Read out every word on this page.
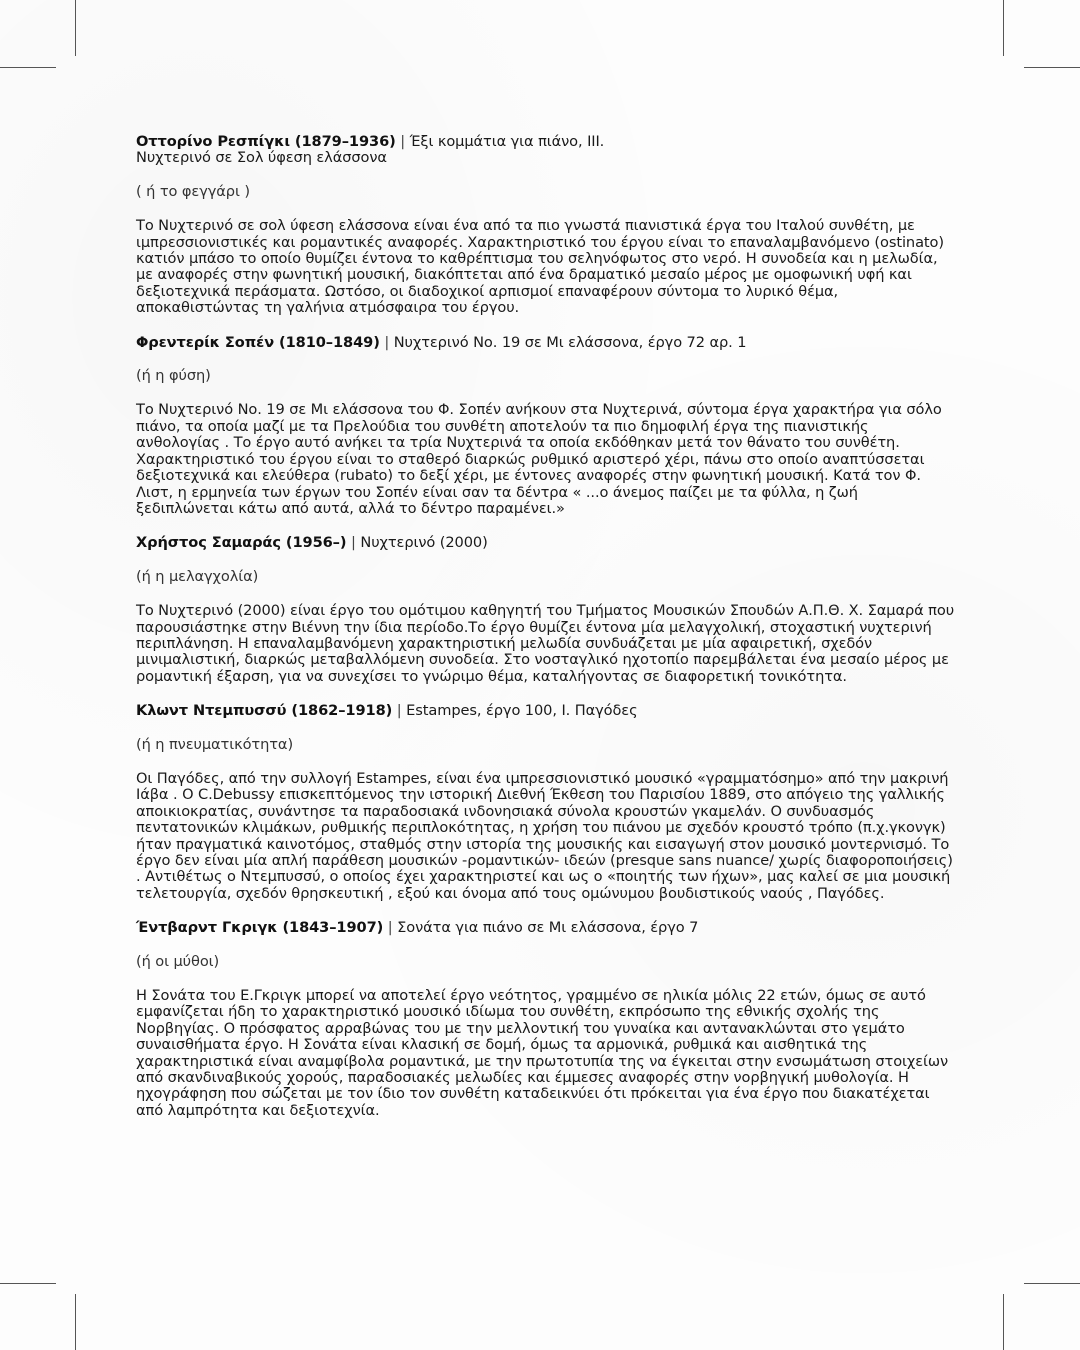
Οττορίνο Ρεσπίγκι (1879–1936) | Έξι κομμάτια για πιάνο, ΙΙΙ.
Νυχτερινό σε Σολ ύφεση ελάσσονα

( ή το φεγγάρι )

Το Νυχτερινό σε σολ ύφεση ελάσσονα είναι ένα από τα πιο γνωστά πιανιστικά έργα του Ιταλού συνθέτη, με ιμπρεσσιονιστικές και ρομαντικές αναφορές. Χαρακτηριστικό του έργου είναι το επαναλαμβανόμενο (ostinato) κατιόν μπάσο το οποίο θυμίζει έντονα το καθρέπτισμα του σεληνόφωτος στο νερό. Η συνοδεία και η μελωδία, με αναφορές στην φωνητική μουσική, διακόπτεται από ένα δραματικό μεσαίο μέρος με ομοφωνική υφή και δεξιοτεχνικά περάσματα. Ωστόσο, οι διαδοχικοί αρπισμοί επαναφέρουν σύντομα το λυρικό θέμα, αποκαθιστώντας τη γαλήνια ατμόσφαιρα του έργου.

Φρεντερίκ Σοπέν (1810–1849) | Νυχτερινό Νο. 19 σε Μι ελάσσονα, έργο 72 αρ. 1

(ή η φύση)

Το Νυχτερινό Νο. 19 σε Μι ελάσσονα του Φ. Σοπέν ανήκουν στα Νυχτερινά, σύντομα έργα χαρακτήρα για σόλο πιάνο, τα οποία μαζί με τα Πρελούδια του συνθέτη αποτελούν τα πιο δημοφιλή έργα της πιανιστικής ανθολογίας . Το έργο αυτό ανήκει τα τρία Νυχτερινά τα οποία εκδόθηκαν μετά τον θάνατο του συνθέτη. Χαρακτηριστικό του έργου είναι το σταθερό διαρκώς ρυθμικό αριστερό χέρι, πάνω στο οποίο αναπτύσσεται δεξιοτεχνικά και ελεύθερα (rubato) το δεξί χέρι, με έντονες αναφορές στην φωνητική μουσική. Κατά τον Φ. Λιστ, η ερμηνεία των έργων του Σοπέν είναι σαν τα δέντρα « ...ο άνεμος παίζει με τα φύλλα, η ζωή ξεδιπλώνεται κάτω από αυτά, αλλά το δέντρο παραμένει.»

Χρήστος Σαμαράς (1956–) | Νυχτερινό (2000)

(ή η μελαγχολία)

Το Νυχτερινό (2000) είναι έργο του ομότιμου καθηγητή του Τμήματος Μουσικών Σπουδών Α.Π.Θ. Χ. Σαμαρά που παρουσιάστηκε στην Βιέννη την ίδια περίοδο.Το έργο θυμίζει έντονα μία μελαγχολική, στοχαστική νυχτερινή περιπλάνηση. Η επαναλαμβανόμενη χαρακτηριστική μελωδία συνδυάζεται με μία αφαιρετική, σχεδόν μινιμαλιστική, διαρκώς μεταβαλλόμενη συνοδεία. Στο νοσταγλικό ηχοτοπίο παρεμβάλεται ένα μεσαίο μέρος με ρομαντική έξαρση, για να συνεχίσει το γνώριμο θέμα, καταλήγοντας σε διαφορετική τονικότητα.

Κλωντ Ντεμπυσσύ (1862–1918) | Estampes, έργο 100, I. Παγόδες

(ή η πνευματικότητα)

Οι Παγόδες, από την συλλογή Estampes, είναι ένα ιμπρεσσιονιστικό μουσικό «γραμματόσημο» από την μακρινή Ιάβα . Ο C.Debussy επισκεπτόμενος την ιστορική Διεθνή Έκθεση του Παρισίου 1889, στο απόγειο της γαλλικής αποικιοκρατίας, συνάντησε τα παραδοσιακά ινδονησιακά σύνολα κρουστών γκαμελάν. Ο συνδυασμός πεντατονικών κλιμάκων, ρυθμικής περιπλοκότητας, η χρήση του πιάνου με σχεδόν κρουστό τρόπο (π.χ.γκονγκ) ήταν πραγματικά καινοτόμος, σταθμός στην ιστορία της μουσικής και εισαγωγή στον μουσικό μοντερνισμό. Το έργο δεν είναι μία απλή παράθεση μουσικών -ρομαντικών- ιδεών (presque sans nuance/ χωρίς διαφοροποιήσεις) . Αντιθέτως ο Ντεμπυσσύ, ο οποίος έχει χαρακτηριστεί και ως ο «ποιητής των ήχων», μας καλεί σε μια μουσική τελετουργία, σχεδόν θρησκευτική , εξού και όνομα από τους ομώνυμου βουδιστικούς ναούς , Παγόδες.

Έντβαρντ Γκριγκ (1843–1907) | Σονάτα για πιάνο σε Μι ελάσσονα, έργο 7

(ή οι μύθοι)

Η Σονάτα του Ε.Γκριγκ μπορεί να αποτελεί έργο νεότητος, γραμμένο σε ηλικία μόλις 22 ετών, όμως σε αυτό εμφανίζεται ήδη το χαρακτηριστικό μουσικό ιδίωμα του συνθέτη, εκπρόσωπο της εθνικής σχολής της Νορβηγίας. Ο πρόσφατος αρραβώνας του με την μελλοντική του γυναίκα και αντανακλώνται στο γεμάτο συναισθήματα έργο. Η Σονάτα είναι κλασική σε δομή, όμως τα αρμονικά, ρυθμικά και αισθητικά της χαρακτηριστικά είναι αναμφίβολα ρομαντικά, με την πρωτοτυπία της να έγκειται στην ενσωμάτωση στοιχείων από σκανδιναβικούς χορούς, παραδοσιακές μελωδίες και έμμεσες αναφορές στην νορβηγική μυθολογία. Η ηχογράφηση που σώζεται με τον ίδιο τον συνθέτη καταδεικνύει ότι πρόκειται για ένα έργο που διακατέχεται από λαμπρότητα και δεξιοτεχνία.
